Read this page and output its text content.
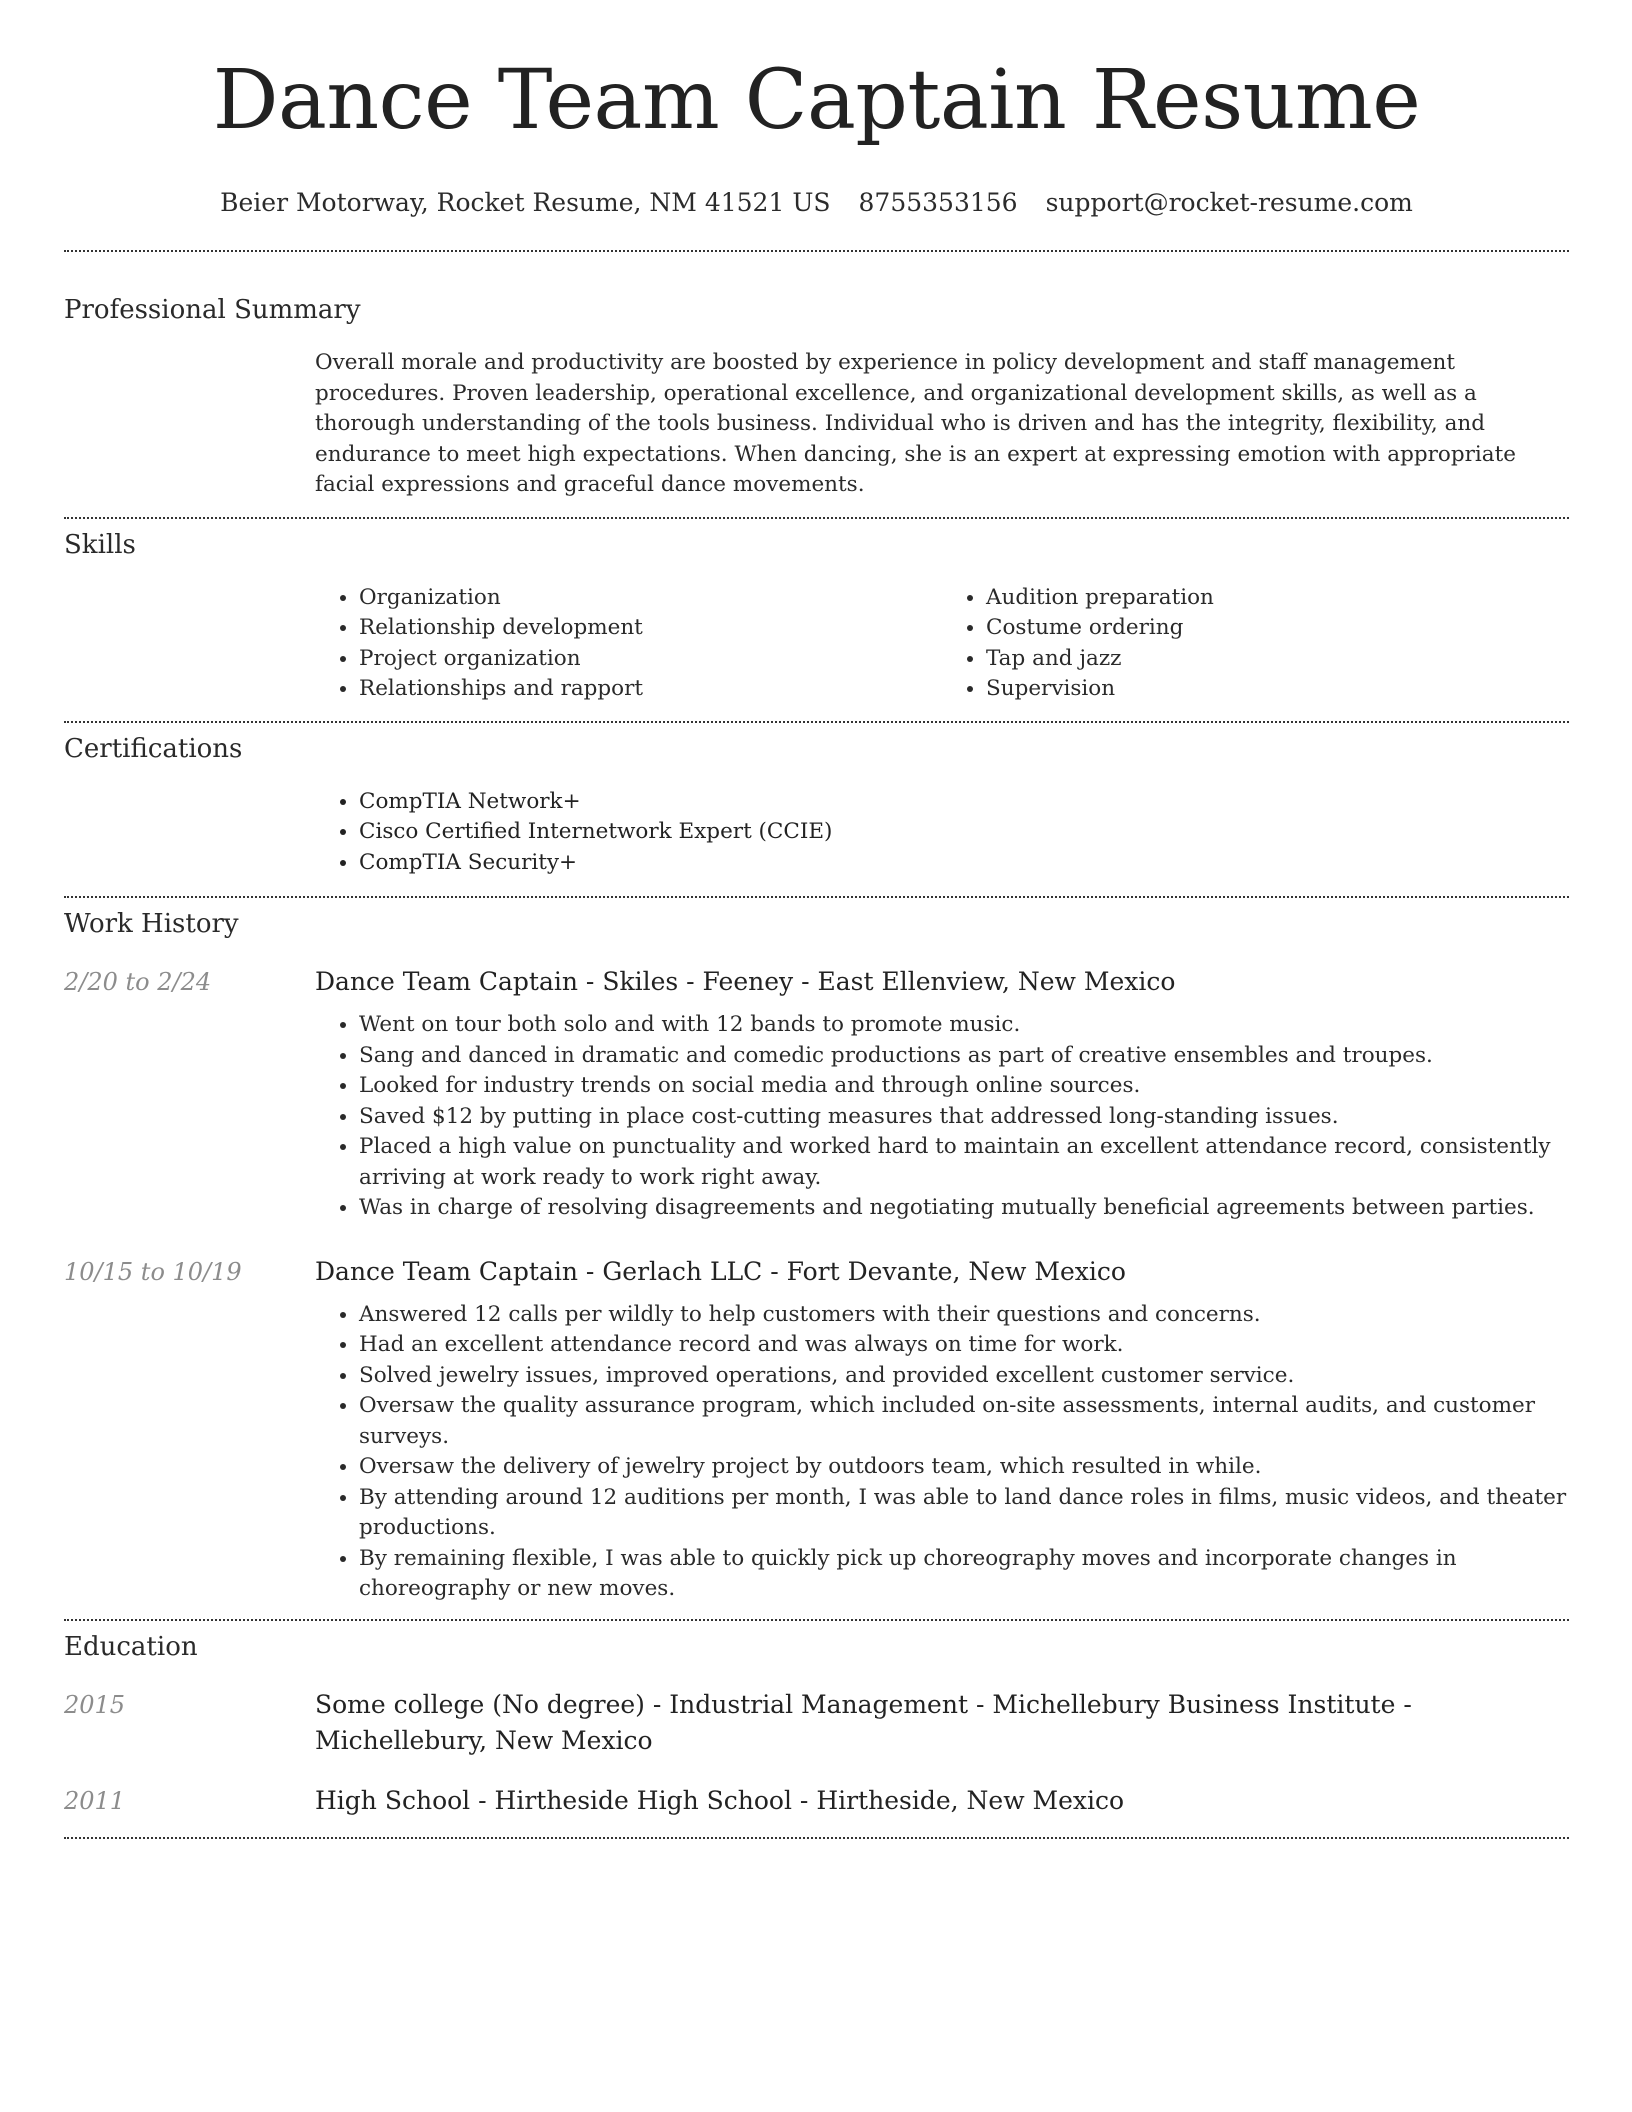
Dance Team Captain Resume
Beier Motorway, Rocket Resume, NM 41521 US 8755353156 support@rocket-resume.com
Professional Summary
Overall morale and productivity are boosted by experience in policy development and staff management procedures. Proven leadership, operational excellence, and organizational development skills, as well as a thorough understanding of the tools business. Individual who is driven and has the integrity, flexibility, and endurance to meet high expectations. When dancing, she is an expert at expressing emotion with appropriate facial expressions and graceful dance movements.
Skills
• Organization
• Relationship development
• Project organization
• Relationships and rapport
• Audition preparation
• Costume ordering
• Tap and jazz
• Supervision
Certifications
• CompTIA Network+
• Cisco Certified Internetwork Expert (CCIE)
• CompTIA Security+
Work History
2/20 to 2/24	Dance Team Captain - Skiles - Feeney - East Ellenview, New Mexico
• Went on tour both solo and with 12 bands to promote music.
• Sang and danced in dramatic and comedic productions as part of creative ensembles and troupes.
• Looked for industry trends on social media and through online sources.
• Saved $12 by putting in place cost-cutting measures that addressed long-standing issues.
• Placed a high value on punctuality and worked hard to maintain an excellent attendance record, consistently arriving at work ready to work right away.
• Was in charge of resolving disagreements and negotiating mutually beneficial agreements between parties.
10/15 to 10/19	Dance Team Captain - Gerlach LLC - Fort Devante, New Mexico
• Answered 12 calls per wildly to help customers with their questions and concerns.
• Had an excellent attendance record and was always on time for work.
• Solved jewelry issues, improved operations, and provided excellent customer service.
• Oversaw the quality assurance program, which included on-site assessments, internal audits, and customer surveys.
• Oversaw the delivery of jewelry project by outdoors team, which resulted in while.
• By attending around 12 auditions per month, I was able to land dance roles in films, music videos, and theater productions.
• By remaining flexible, I was able to quickly pick up choreography moves and incorporate changes in choreography or new moves.
Education
2015	Some college (No degree) - Industrial Management - Michellebury Business Institute - Michellebury, New Mexico
2011	High School - Hirtheside High School - Hirtheside, New Mexico
